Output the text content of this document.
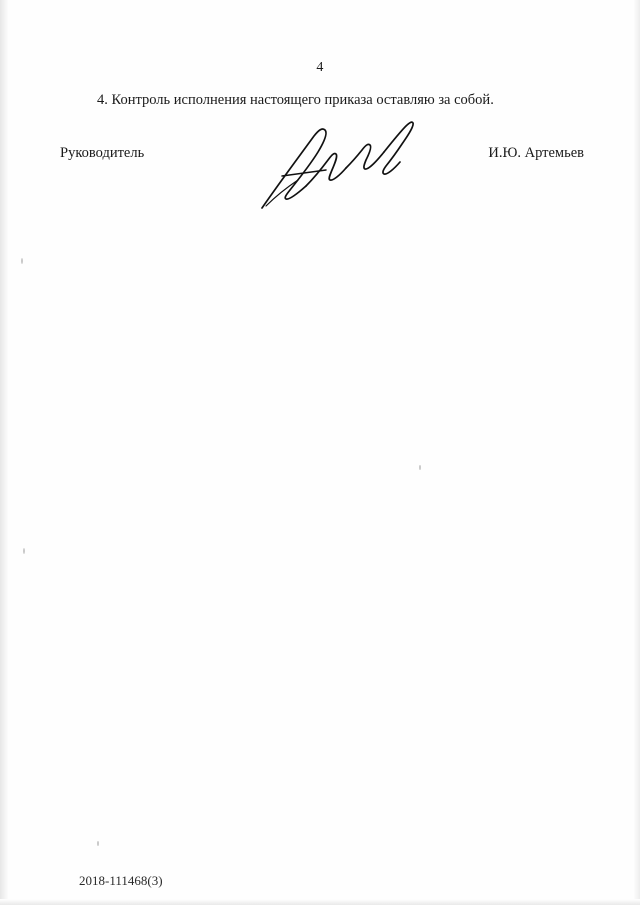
4
4. Контроль исполнения настоящего приказа оставляю за собой.
Руководитель	И.Ю. Артемьев
2018-111468(3)
